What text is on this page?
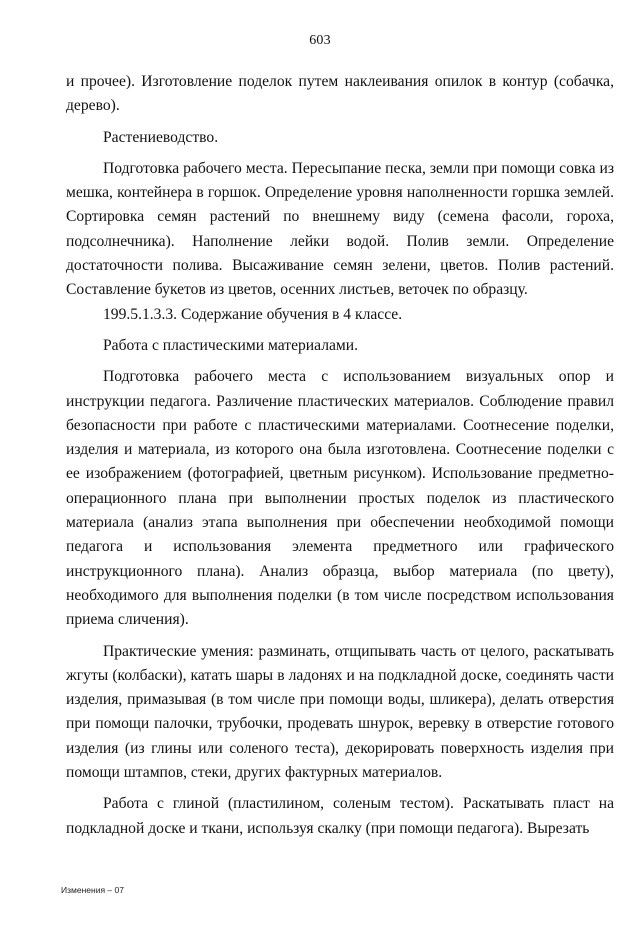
603

и прочее). Изготовление поделок путем наклеивания опилок в контур (собачка, дерево).

Растениеводство.

Подготовка рабочего места. Пересыпание песка, земли при помощи совка из мешка, контейнера в горшок. Определение уровня наполненности горшка землей. Сортировка семян растений по внешнему виду (семена фасоли, гороха, подсолнечника). Наполнение лейки водой. Полив земли. Определение достаточности полива. Высаживание семян зелени, цветов. Полив растений. Составление букетов из цветов, осенних листьев, веточек по образцу.

199.5.1.3.3. Содержание обучения в 4 классе.

Работа с пластическими материалами.

Подготовка рабочего места с использованием визуальных опор и инструкции педагога. Различение пластических материалов. Соблюдение правил безопасности при работе с пластическими материалами. Соотнесение поделки, изделия и материала, из которого она была изготовлена. Соотнесение поделки с ее изображением (фотографией, цветным рисунком). Использование предметно-операционного плана при выполнении простых поделок из пластического материала (анализ этапа выполнения при обеспечении необходимой помощи педагога и использования элемента предметного или графического инструкционного плана). Анализ образца, выбор материала (по цвету), необходимого для выполнения поделки (в том числе посредством использования приема сличения).

Практические умения: разминать, отщипывать часть от целого, раскатывать жгуты (колбаски), катать шары в ладонях и на подкладной доске, соединять части изделия, примазывая (в том числе при помощи воды, шликера), делать отверстия при помощи палочки, трубочки, продевать шнурок, веревку в отверстие готового изделия (из глины или соленого теста), декорировать поверхность изделия при помощи штампов, стеки, других фактурных материалов.

Работа с глиной (пластилином, соленым тестом). Раскатывать пласт на подкладной доске и ткани, используя скалку (при помощи педагога). Вырезать

Изменения – 07
